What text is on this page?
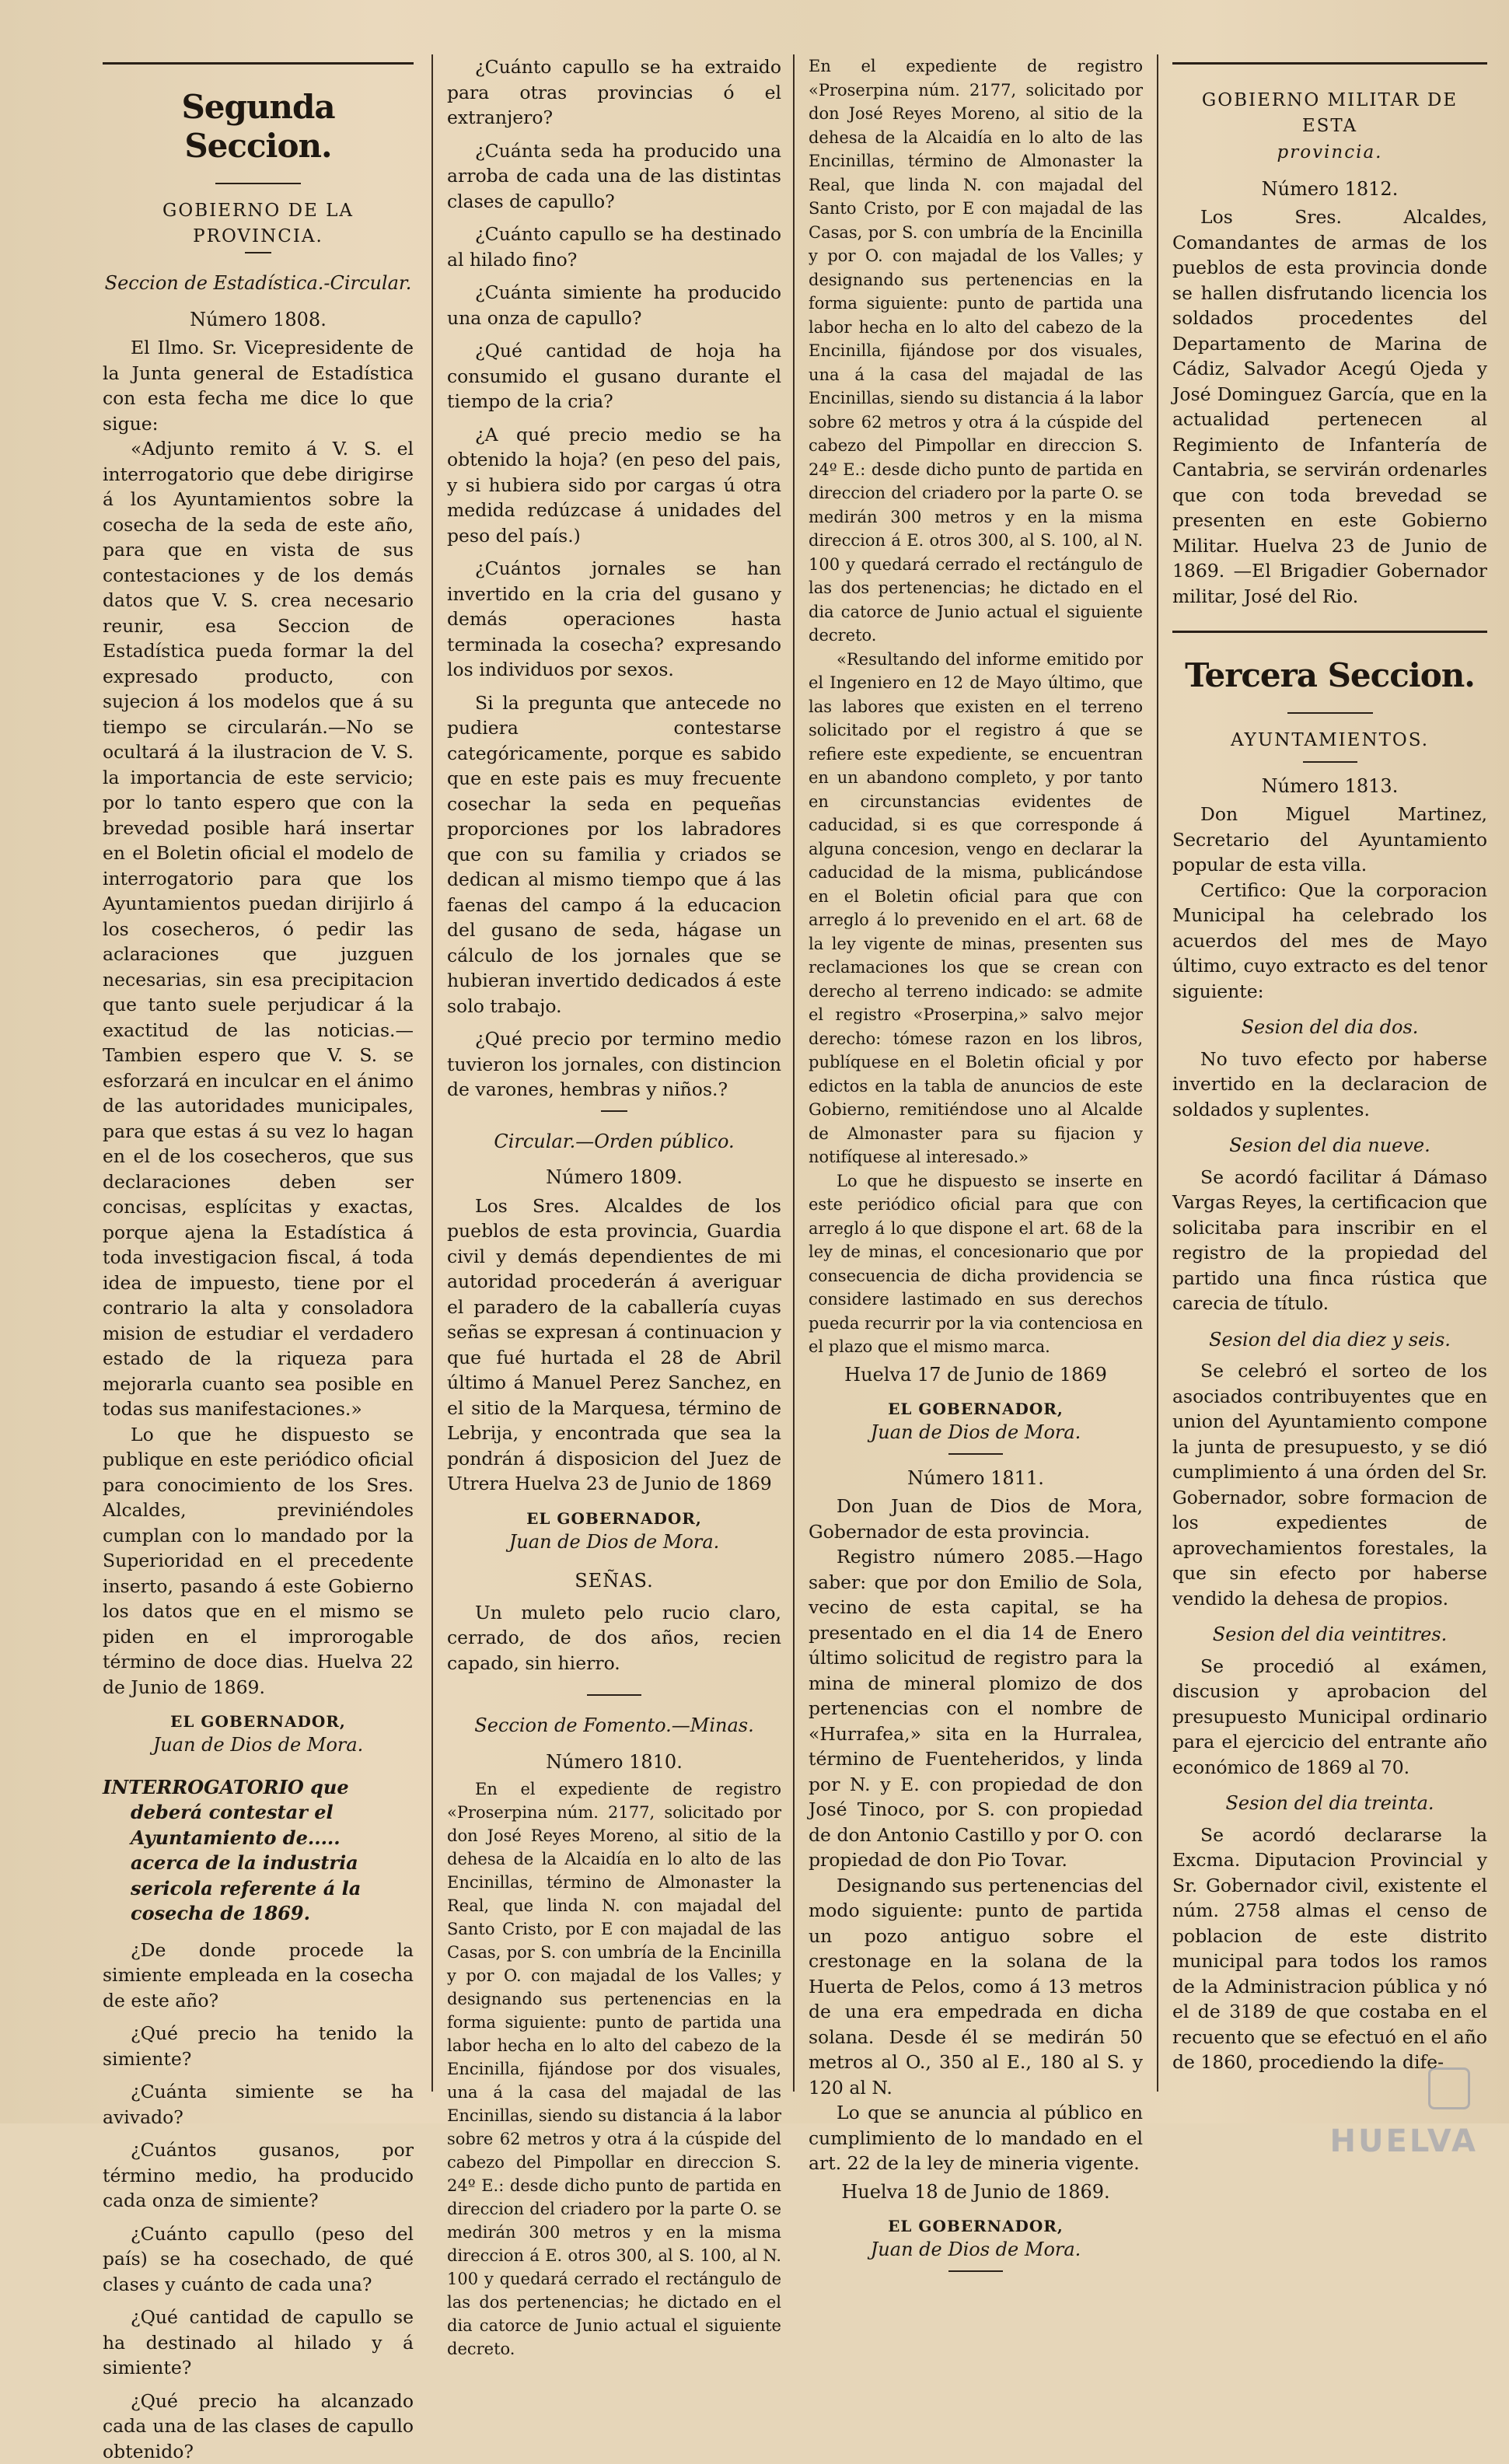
Segunda Seccion.
GOBIERNO DE LA PROVINCIA.
Seccion de Estadística.-Circular.
Número 1808.

El Ilmo. Sr. Vicepresidente de la Junta general de Estadística con esta fecha me dice lo que sigue:

«Adjunto remito á V. S. el interrogatorio que debe dirigirse á los Ayuntamientos sobre la cosecha de la seda de este año, para que en vista de sus contestaciones y de los demás datos que V. S. crea necesario reunir, esa Seccion de Estadística pueda formar la del expresado producto, con sujecion á los modelos que á su tiempo se circularán.—No se ocultará á la ilustracion de V. S. la importancia de este servicio; por lo tanto espero que con la brevedad posible hará insertar en el Boletin oficial el modelo de interrogatorio para que los Ayuntamientos puedan dirijirlo á los cosecheros, ó pedir las aclaraciones que juzguen necesarias, sin esa precipitacion que tanto suele perjudicar á la exactitud de las noticias.—Tambien espero que V. S. se esforzará en inculcar en el ánimo de las autoridades municipales, para que estas á su vez lo hagan en el de los cosecheros, que sus declaraciones deben ser concisas, esplícitas y exactas, porque ajena la Estadística á toda investigacion fiscal, á toda idea de impuesto, tiene por el contrario la alta y consoladora mision de estudiar el verdadero estado de la riqueza para mejorarla cuanto sea posible en todas sus manifestaciones.»

Lo que he dispuesto se publique en este periódico oficial para conocimiento de los Sres. Alcaldes, previniéndoles cumplan con lo mandado por la Superioridad en el precedente inserto, pasando á este Gobierno los datos que en el mismo se piden en el improrogable término de doce dias. Huelva 22 de Junio de 1869.

EL GOBERNADOR,
Juan de Dios de Mora.
INTERROGATORIO que deberá contestar el Ayuntamiento de..... acerca de la industria sericola referente á la cosecha de 1869.

¿De donde procede la simiente empleada en la cosecha de este año?

¿Qué precio ha tenido la simiente?

¿Cuánta simiente se ha avivado?

¿Cuántos gusanos, por término medio, ha producido cada onza de simiente?

¿Cuánto capullo (peso del país) se ha cosechado, de qué clases y cuánto de cada una?

¿Qué cantidad de capullo se ha destinado al hilado y á simiente?

¿Qué precio ha alcanzado cada una de las clases de capullo obtenido?

¿Cuánto capullo se ha extraido para otras provincias ó el extranjero?

¿Cuánta seda ha producido una arroba de cada una de las distintas clases de capullo?

¿Cuánto capullo se ha destinado al hilado fino?

¿Cuánta simiente ha producido una onza de capullo?

¿Qué cantidad de hoja ha consumido el gusano durante el tiempo de la cria?

¿A qué precio medio se ha obtenido la hoja? (en peso del pais, y si hubiera sido por cargas ú otra medida redúzcase á unidades del peso del país.)

¿Cuántos jornales se han invertido en la cria del gusano y demás operaciones hasta terminada la cosecha? expresando los individuos por sexos.

Si la pregunta que antecede no pudiera contestarse categóricamente, porque es sabido que en este pais es muy frecuente cosechar la seda en pequeñas proporciones por los labradores que con su familia y criados se dedican al mismo tiempo que á las faenas del campo á la educacion del gusano de seda, hágase un cálculo de los jornales que se hubieran invertido dedicados á este solo trabajo.

¿Qué precio por termino medio tuvieron los jornales, con distincion de varones, hembras y niños.?

Circular.—Orden público.
Número 1809.

Los Sres. Alcaldes de los pueblos de esta provincia, Guardia civil y demás dependientes de mi autoridad procederán á averiguar el paradero de la caballería cuyas señas se expresan á continuacion y que fué hurtada el 28 de Abril último á Manuel Perez Sanchez, en el sitio de la Marquesa, término de Lebrija, y encontrada que sea la pondrán á disposicion del Juez de Utrera Huelva 23 de Junio de 1869

EL GOBERNADOR,
Juan de Dios de Mora.
SEÑAS.

Un muleto pelo rucio claro, cerrado, de dos años, recien capado, sin hierro.

Seccion de Fomento.—Minas.
Número 1810.

En el expediente de registro «Proserpina núm. 2177, solicitado por don José Reyes Moreno, al sitio de la dehesa de la Alcaidía en lo alto de las Encinillas, término de Almonaster la Real, que linda N. con majadal del Santo Cristo, por E con majadal de las Casas, por S. con umbría de la Encinilla y por O. con majadal de los Valles; y designando sus pertenencias en la forma siguiente: punto de partida una labor hecha en lo alto del cabezo de la Encinilla, fijándose por dos visuales, una á la casa del majadal de las Encinillas, siendo su distancia á la labor sobre 62 metros y otra á la cúspide del cabezo del Pimpollar en direccion S. 24º E.: desde dicho punto de partida en direccion del criadero por la parte O. se medirán 300 metros y en la misma direccion á E. otros 300, al S. 100, al N. 100 y quedará cerrado el rectángulo de las dos pertenencias; he dictado en el dia catorce de Junio actual el siguiente decreto.

En el expediente de registro «Proserpina núm. 2177, solicitado por don José Reyes Moreno, al sitio de la dehesa de la Alcaidía en lo alto de las Encinillas, término de Almonaster la Real, que linda N. con majadal del Santo Cristo, por E con majadal de las Casas, por S. con umbría de la Encinilla y por O. con majadal de los Valles; y designando sus pertenencias en la forma siguiente: punto de partida una labor hecha en lo alto del cabezo de la Encinilla, fijándose por dos visuales, una á la casa del majadal de las Encinillas, siendo su distancia á la labor sobre 62 metros y otra á la cúspide del cabezo del Pimpollar en direccion S. 24º E.: desde dicho punto de partida en direccion del criadero por la parte O. se medirán 300 metros y en la misma direccion á E. otros 300, al S. 100, al N. 100 y quedará cerrado el rectángulo de las dos pertenencias; he dictado en el dia catorce de Junio actual el siguiente decreto.

«Resultando del informe emitido por el Ingeniero en 12 de Mayo último, que las labores que existen en el terreno solicitado por el registro á que se refiere este expediente, se encuentran en un abandono completo, y por tanto en circunstancias evidentes de caducidad, si es que corresponde á alguna concesion, vengo en declarar la caducidad de la misma, publicándose en el Boletin oficial para que con arreglo á lo prevenido en el art. 68 de la ley vigente de minas, presenten sus reclamaciones los que se crean con derecho al terreno indicado: se admite el registro «Proserpina,» salvo mejor derecho: tómese razon en los libros, publíquese en el Boletin oficial y por edictos en la tabla de anuncios de este Gobierno, remitiéndose uno al Alcalde de Almonaster para su fijacion y notifíquese al interesado.»

Lo que he dispuesto se inserte en este periódico oficial para que con arreglo á lo que dispone el art. 68 de la ley de minas, el concesionario que por consecuencia de dicha providencia se considere lastimado en sus derechos pueda recurrir por la via contenciosa en el plazo que el mismo marca.

Huelva 17 de Junio de 1869
EL GOBERNADOR,
Juan de Dios de Mora.
Número 1811.

Don Juan de Dios de Mora, Gobernador de esta provincia.

Registro número 2085.—Hago saber: que por don Emilio de Sola, vecino de esta capital, se ha presentado en el dia 14 de Enero último solicitud de registro para la mina de mineral plomizo de dos pertenencias con el nombre de «Hurrafea,» sita en la Hurralea, término de Fuenteheridos, y linda por N. y E. con propiedad de don José Tinoco, por S. con propiedad de don Antonio Castillo y por O. con propiedad de don Pio Tovar.

Designando sus pertenencias del modo siguiente: punto de partida un pozo antiguo sobre el crestonage en la solana de la Huerta de Pelos, como á 13 metros de una era empedrada en dicha solana. Desde él se medirán 50 metros al O., 350 al E., 180 al S. y 120 al N.

Lo que se anuncia al público en cumplimiento de lo mandado en el art. 22 de la ley de mineria vigente.

Huelva 18 de Junio de 1869.
EL GOBERNADOR,
Juan de Dios de Mora.
GOBIERNO MILITAR DE ESTA
provincia.
Número 1812.

Los Sres. Alcaldes, Comandantes de armas de los pueblos de esta provincia donde se hallen disfrutando licencia los soldados procedentes del Departamento de Marina de Cádiz, Salvador Acegú Ojeda y José Dominguez García, que en la actualidad pertenecen al Regimiento de Infantería de Cantabria, se servirán ordenarles que con toda brevedad se presenten en este Gobierno Militar. Huelva 23 de Junio de 1869. —El Brigadier Gobernador militar, José del Rio.

Tercera Seccion.
AYUNTAMIENTOS.
Número 1813.

Don Miguel Martinez, Secretario del Ayuntamiento popular de esta villa.

Certifico: Que la corporacion Municipal ha celebrado los acuerdos del mes de Mayo último, cuyo extracto es del tenor siguiente:

Sesion del dia dos.

No tuvo efecto por haberse invertido en la declaracion de soldados y suplentes.

Sesion del dia nueve.

Se acordó facilitar á Dámaso Vargas Reyes, la certificacion que solicitaba para inscribir en el registro de la propiedad del partido una finca rústica que carecia de título.

Sesion del dia diez y seis.

Se celebró el sorteo de los asociados contribuyentes que en union del Ayuntamiento compone la junta de presupuesto, y se dió cumplimiento á una órden del Sr. Gobernador, sobre formacion de los expedientes de aprovechamientos forestales, la que sin efecto por haberse vendido la dehesa de propios.

Sesion del dia veintitres.

Se procedió al exámen, discusion y aprobacion del presupuesto Municipal ordinario para el ejercicio del entrante año económico de 1869 al 70.

Sesion del dia treinta.

Se acordó declararse la Excma. Diputacion Provincial y Sr. Gobernador civil, existente el núm. 2758 almas el censo de poblacion de este distrito municipal para todos los ramos de la Administracion pública y nó el de 3189 de que costaba en el recuento que se efectuó en el año de 1860, procediendo la dife-

HUELVA
